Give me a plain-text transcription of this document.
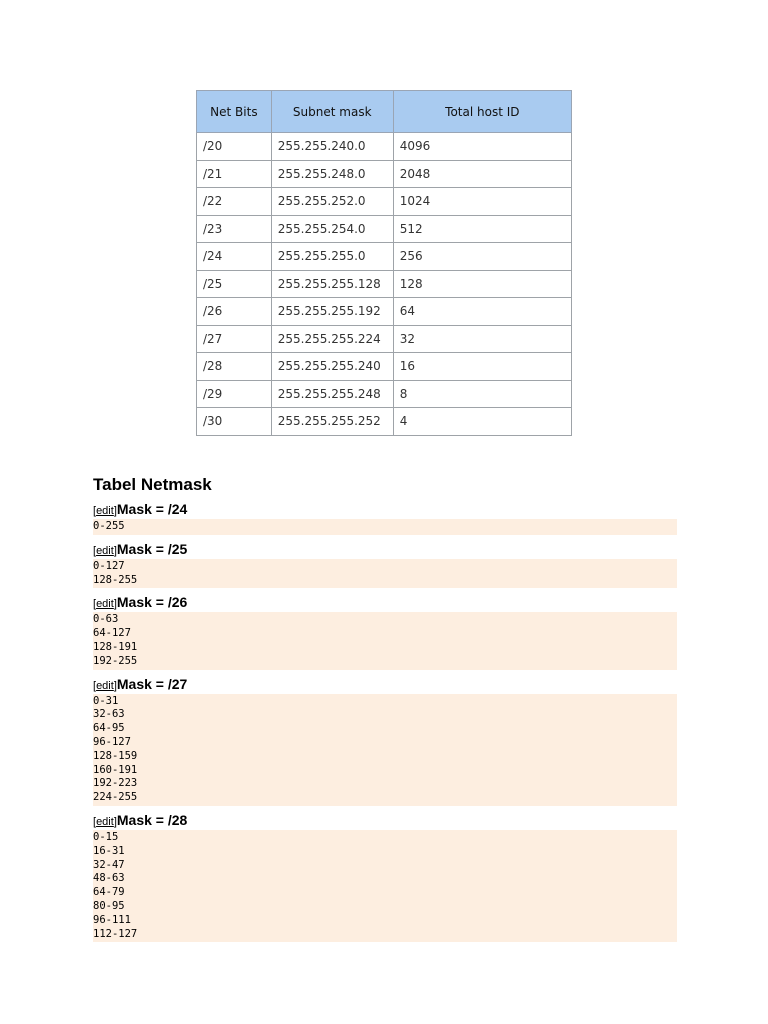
Net Bits	Subnet mask	Total host ID
/20	255.255.240.0	4096
/21	255.255.248.0	2048
/22	255.255.252.0	1024
/23	255.255.254.0	512
/24	255.255.255.0	256
/25	255.255.255.128	128
/26	255.255.255.192	64
/27	255.255.255.224	32
/28	255.255.255.240	16
/29	255.255.255.248	8
/30	255.255.255.252	4
Tabel Netmask
[edit]Mask = /24
0-255
[edit]Mask = /25
0-127
128-255
[edit]Mask = /26
0-63
64-127
128-191
192-255
[edit]Mask = /27
0-31
32-63
64-95
96-127
128-159
160-191
192-223
224-255
[edit]Mask = /28
0-15
16-31
32-47
48-63
64-79
80-95
96-111
112-127
